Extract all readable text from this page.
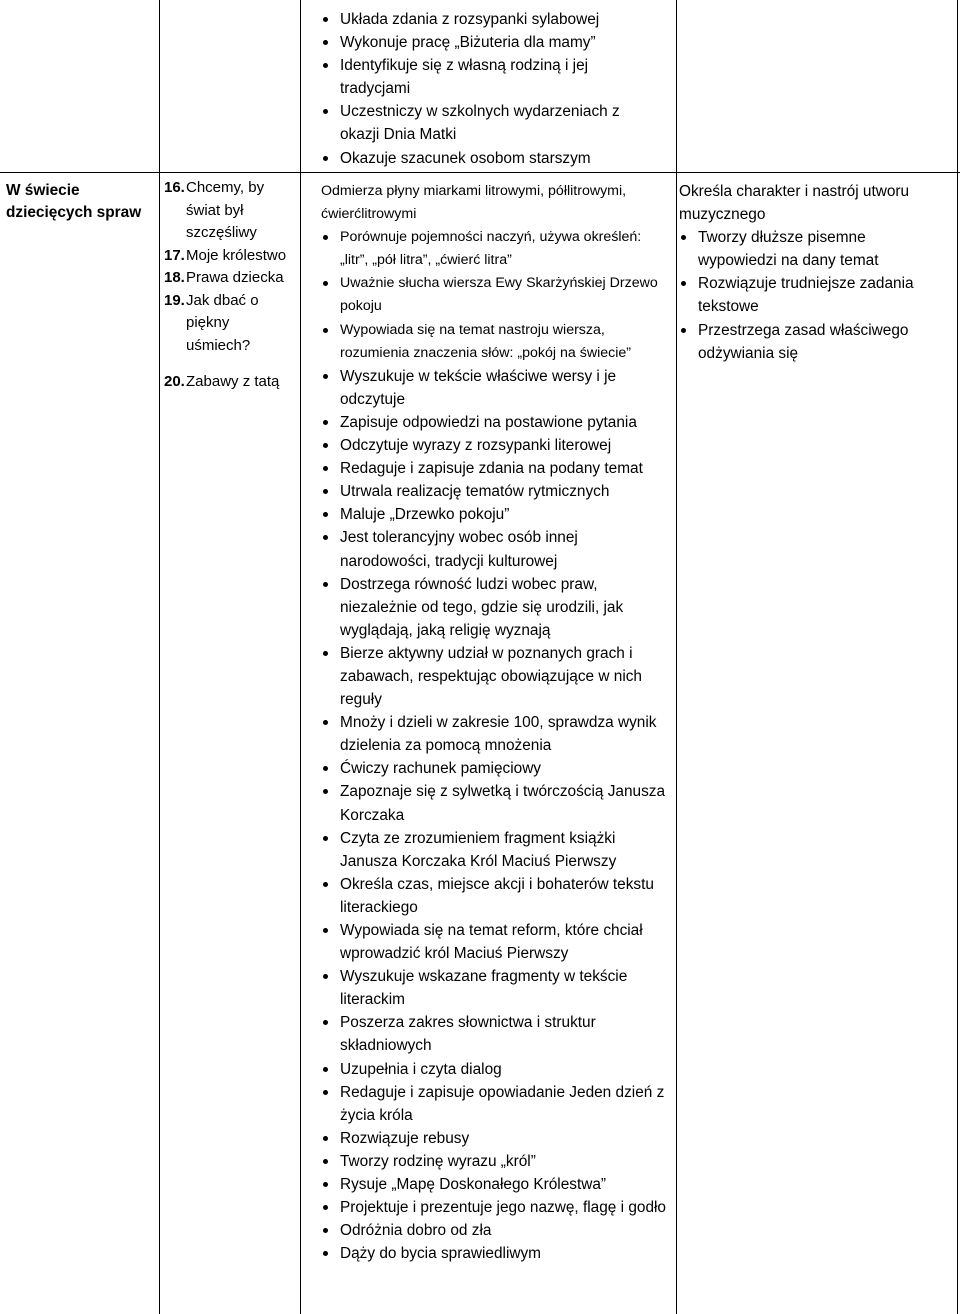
Układa zdania z rozsypanki sylabowej
Wykonuje pracę „Biżuteria dla mamy”
Identyfikuje się z własną rodziną i jej tradycjami
Uczestniczy w szkolnych wydarzeniach z okazji Dnia Matki
Okazuje szacunek osobom starszym
W świecie dziecięcych spraw
16. Chcemy, by świat był szczęśliwy
17. Moje królestwo
18. Prawa dziecka
19. Jak dbać o piękny uśmiech?
20. Zabawy z tatą
Odmierza płyny miarkami litrowymi, półlitrowymi, ćwierćlitrowymi
Porównuje pojemności naczyń, używa określeń: „litr”, „pół litra”, „ćwierć litra”
Uważnie słucha wiersza Ewy Skarżyńskiej Drzewo pokoju
Wypowiada się na temat nastroju wiersza, rozumienia znaczenia słów: „pokój na świecie”
Wyszukuje w tekście właściwe wersy i je odczytuje
Zapisuje odpowiedzi na postawione pytania
Odczytuje wyrazy z rozsypanki literowej
Redaguje i zapisuje zdania na podany temat
Utrwala realizację tematów rytmicznych
Maluje „Drzewko pokoju”
Jest tolerancyjny wobec osób innej narodowości, tradycji kulturowej
Dostrzega równość ludzi wobec praw, niezależnie od tego, gdzie się urodzili, jak wyglądają, jaką religię wyznają
Bierze aktywny udział w poznanych grach i zabawach, respektując obowiązujące w nich reguły
Mnoży i dzieli w zakresie 100, sprawdza wynik dzielenia za pomocą mnożenia
Ćwiczy rachunek pamięciowy
Zapoznaje się z sylwetką i twórczością Janusza Korczaka
Czyta ze zrozumieniem fragment książki Janusza Korczaka Król Maciuś Pierwszy
Określa czas, miejsce akcji i bohaterów tekstu literackiego
Wypowiada się na temat reform, które chciał wprowadzić król Maciuś Pierwszy
Wyszukuje wskazane fragmenty w tekście literackim
Poszerza zakres słownictwa i struktur składniowych
Uzupełnia i czyta dialog
Redaguje i zapisuje opowiadanie Jeden dzień z życia króla
Rozwiązuje rebusy
Tworzy rodzinę wyrazu „król”
Rysuje „Mapę Doskonałego Królestwa”
Projektuje i prezentuje jego nazwę, flagę i godło
Odróżnia dobro od zła
Dąży do bycia sprawiedliwym
Określa charakter i nastrój utworu muzycznego
Tworzy dłuższe pisemne wypowiedzi na dany temat
Rozwiązuje trudniejsze zadania tekstowe
Przestrzega zasad właściwego odżywiania się
